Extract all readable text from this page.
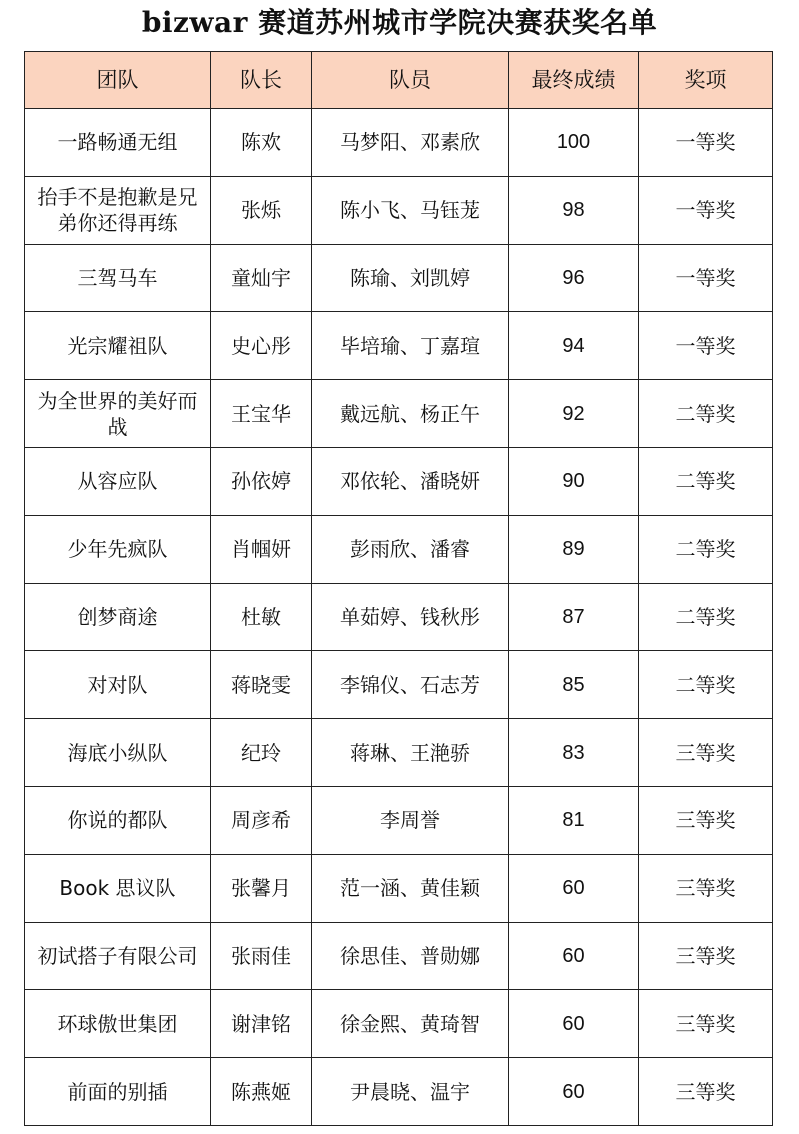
bizwar 赛道苏州城市学院决赛获奖名单
团队	队长	队员	最终成绩	奖项
一路畅通无组	陈欢	马梦阳、邓素欣	100	一等奖
抬手不是抱歉是兄弟你还得再练	张烁	陈小飞、马钰茏	98	一等奖
三驾马车	童灿宇	陈瑜、刘凯婷	96	一等奖
光宗耀祖队	史心彤	毕培瑜、丁嘉瑄	94	一等奖
为全世界的美好而战	王宝华	戴远航、杨正午	92	二等奖
从容应队	孙依婷	邓依轮、潘晓妍	90	二等奖
少年先疯队	肖帼妍	彭雨欣、潘睿	89	二等奖
创梦商途	杜敏	单茹婷、钱秋彤	87	二等奖
对对队	蒋晓雯	李锦仪、石志芳	85	二等奖
海底小纵队	纪玲	蒋琳、王滟骄	83	三等奖
你说的都队	周彦希	李周誉	81	三等奖
Book 思议队	张馨月	范一涵、黄佳颖	60	三等奖
初试搭子有限公司	张雨佳	徐思佳、普勋娜	60	三等奖
环球傲世集团	谢津铭	徐金熙、黄琦智	60	三等奖
前面的别插	陈燕姬	尹晨晓、温宇	60	三等奖
